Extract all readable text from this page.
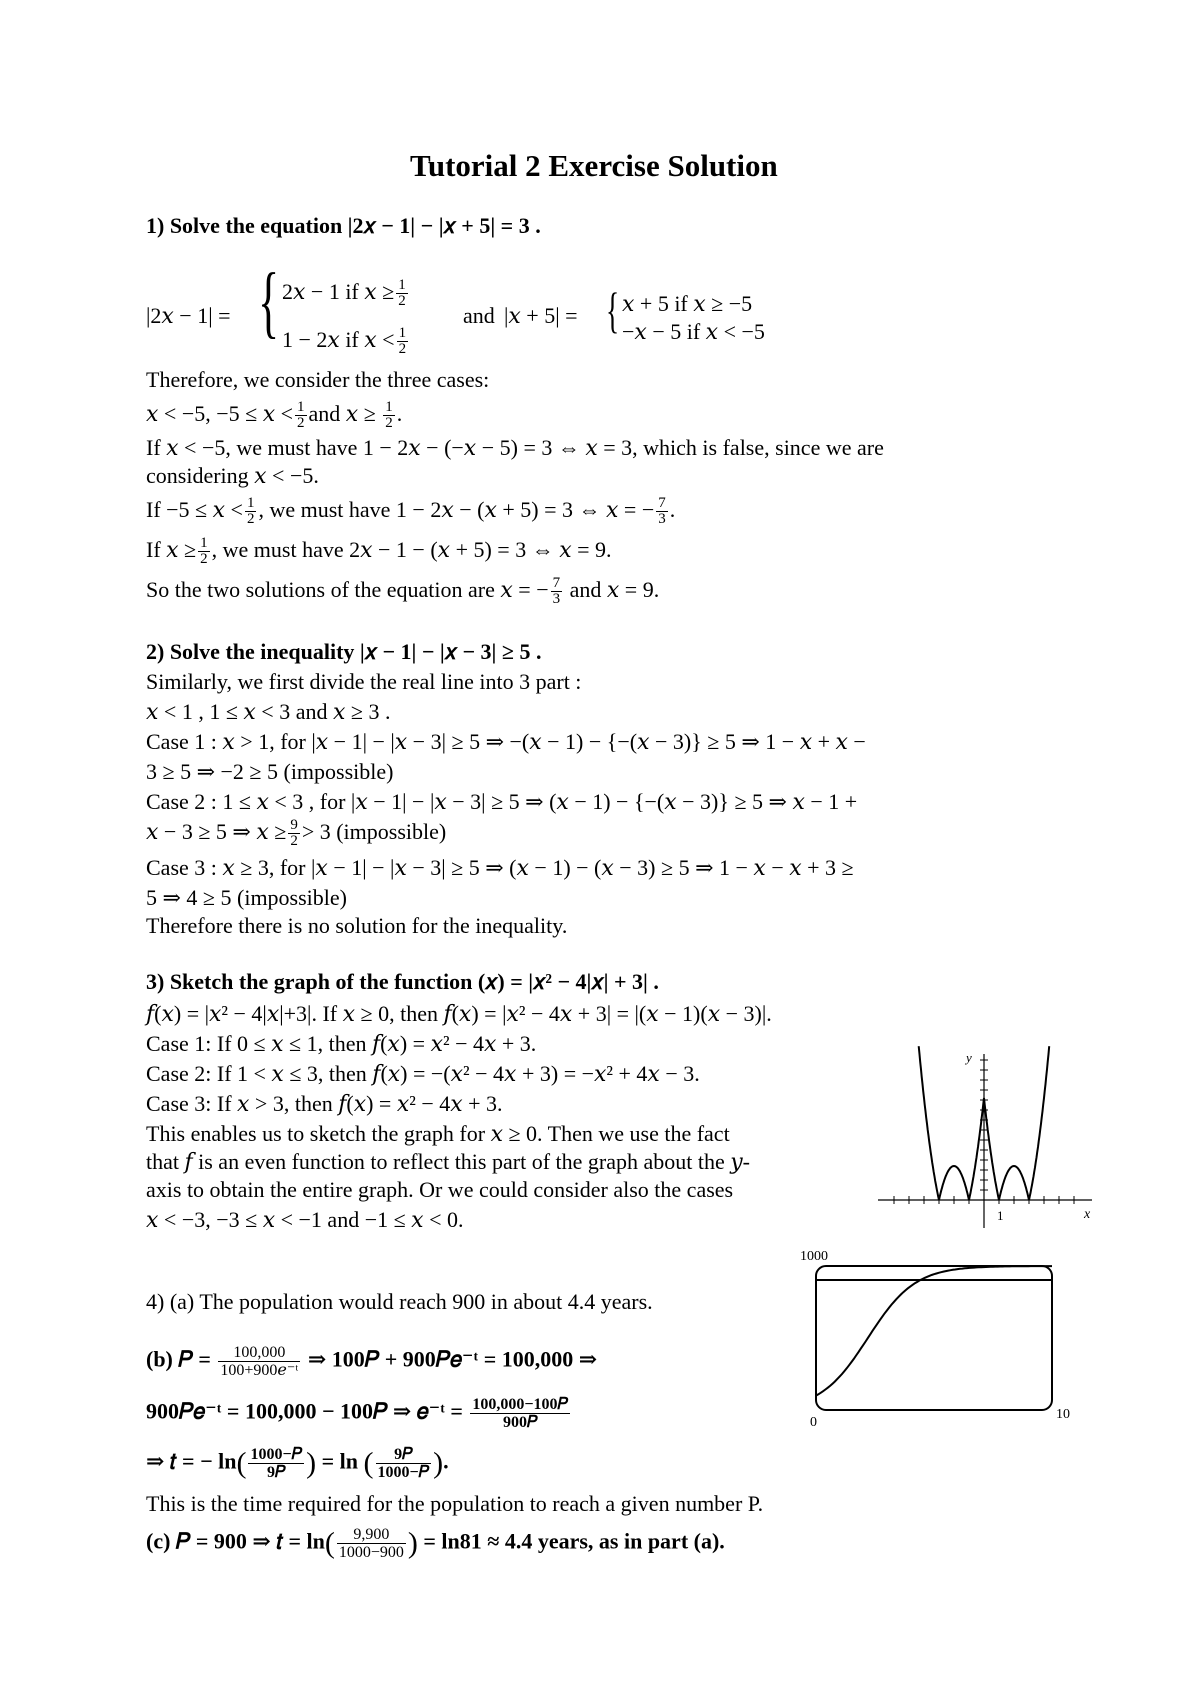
Tutorial 2 Exercise Solution
1) Solve the equation |2𝑥 − 1| − |𝑥 + 5| = 3 .
|2𝑥 − 1| = { 2𝑥 − 1 if 𝑥 ≥ $\frac{1}{2}$
1 − 2𝑥 if 𝑥 < $\frac{1}{2}$
and |𝑥 + 5| = { 𝑥 + 5 if 𝑥 ≥ −5
−𝑥 − 5 if 𝑥 < −5
Therefore, we consider the three cases:
𝑥 < −5, −5 ≤ 𝑥 < $\frac{1}{2}$ and 𝑥 ≥ $\frac{1}{2}$ .
If 𝑥 < −5, we must have 1 − 2𝑥 − (−𝑥 − 5) = 3 ⇔ 𝑥 = 3, which is false, since we are
considering 𝑥 < −5.
If −5 ≤ 𝑥 < $\frac{1}{2}$ , we must have 1 − 2𝑥 − (𝑥 + 5) = 3 ⇔ 𝑥 = − $\frac{7}{3}$ .
If 𝑥 ≥ $\frac{1}{2}$ , we must have 2𝑥 − 1 − (𝑥 + 5) = 3 ⇔ 𝑥 = 9.
So the two solutions of the equation are 𝑥 = − $\frac{7}{3}$ and 𝑥 = 9.
2) Solve the inequality |𝑥 − 1| − |𝑥 − 3| ≥ 5 .
Similarly, we first divide the real line into 3 part :
𝑥 < 1 , 1 ≤ 𝑥 < 3 and 𝑥 ≥ 3 .
Case 1 : 𝑥 > 1, for |𝑥 − 1| − |𝑥 − 3| ≥ 5 ⇒ −(𝑥 − 1) − {−(𝑥 − 3)} ≥ 5 ⇒ 1 − 𝑥 + 𝑥 −
3 ≥ 5 ⇒ −2 ≥ 5 (impossible)
Case 2 : 1 ≤ 𝑥 < 3 , for |𝑥 − 1| − |𝑥 − 3| ≥ 5 ⇒ (𝑥 − 1) − {−(𝑥 − 3)} ≥ 5 ⇒ 𝑥 − 1 +
𝑥 − 3 ≥ 5 ⇒ 𝑥 ≥ $\frac{9}{2} > 3$ (impossible)
Case 3 : 𝑥 ≥ 3, for |𝑥 − 1| − |𝑥 − 3| ≥ 5 ⇒ (𝑥 − 1) − (𝑥 − 3) ≥ 5 ⇒ 1 − 𝑥 − 𝑥 + 3 ≥
5 ⇒ 4 ≥ 5 (impossible)
Therefore there is no solution for the inequality.
3) Sketch the graph of the function (𝑥) = |𝑥² − 4|𝑥| + 3| .
𝑓(𝑥) = |𝑥² − 4|𝑥|+3|. If 𝑥 ≥ 0, then 𝑓(𝑥) = |𝑥² − 4𝑥 + 3| = |(𝑥 − 1)(𝑥 − 3)|.
Case 1: If 0 ≤ 𝑥 ≤ 1, then 𝑓(𝑥) = 𝑥² − 4𝑥 + 3.
Case 2: If 1 < 𝑥 ≤ 3, then 𝑓(𝑥) = −(𝑥² − 4𝑥 + 3) = −𝑥² + 4𝑥 − 3.
Case 3: If 𝑥 > 3, then 𝑓(𝑥) = 𝑥² − 4𝑥 + 3.
This enables us to sketch the graph for 𝑥 ≥ 0. Then we use the fact
that 𝑓 is an even function to reflect this part of the graph about the 𝑦-
axis to obtain the entire graph. Or we could consider also the cases
𝑥 < −3, −3 ≤ 𝑥 < −1 and −1 ≤ 𝑥 < 0.
y
x
1
4) (a) The population would reach 900 in about 4.4 years.
(b) 𝑃 = $\frac{100,000}{\text{100+900𝑒⁻ᵗ}}$ ⇒ 100𝑃 + 900𝑃𝑒⁻ᵗ = 100,000 ⇒
900𝑃𝑒⁻ᵗ = 100,000 − 100𝑃 ⇒ 𝑒⁻ᵗ = $\frac{\text{100,000−100𝑃}}{\text{900𝑃}}$
⇒ 𝑡 = − $\ln( \frac{\text{1000−𝑃}}{\text{9𝑃}}$ ) = ln ( $\frac{\text{9𝑃}}{\text{1000−𝑃}}$ ).
This is the time required for the population to reach a given number P.
(c) 𝑃 = 900 ⇒ 𝑡 = $\ln( \frac{9,900}{1000-900}$ ) = ln81 ≈ 4.4 years, as in part (a).
1000
0
10
